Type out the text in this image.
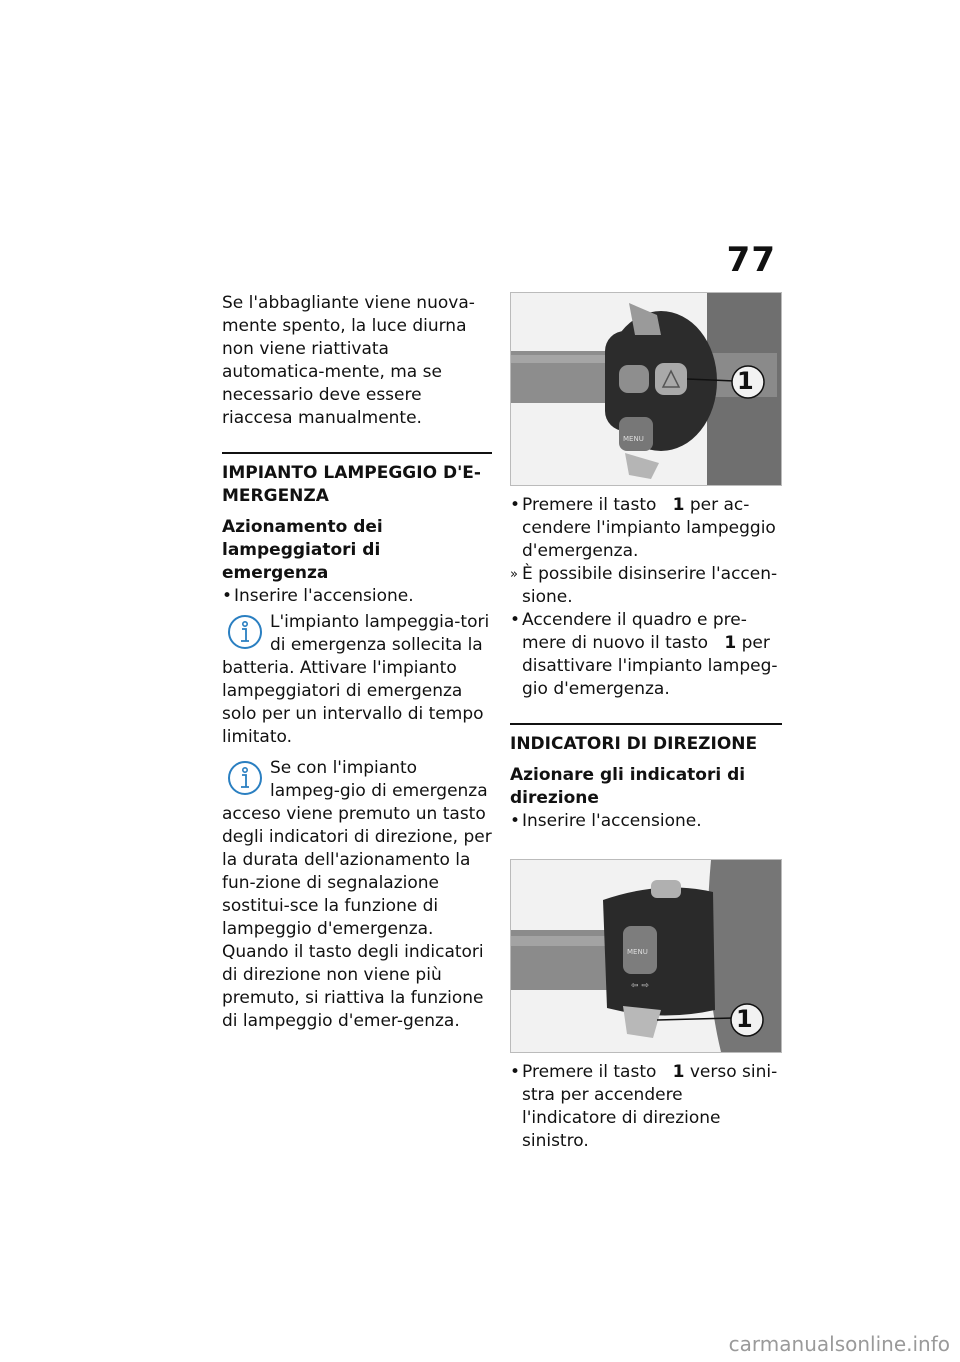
77

Se l'abbagliante viene nuova-mente spento, la luce diurna non viene riattivata automatica-mente, ma se necessario deve essere riaccesa manualmente.

IMPIANTO LAMPEGGIO D'E-MERGENZA
Azionamento dei lampeggiatori di emergenza
• Inserire l'accensione.
L'impianto lampeggia-tori di emergenza sollecita la batteria. Attivare l'impianto lampeggiatori di emergenza solo per un intervallo di tempo limitato.
Se con l'impianto lampeg-gio di emergenza acceso viene premuto un tasto degli indicatori di direzione, per la durata dell'azionamento la fun-zione di segnalazione sostitui-sce la funzione di lampeggio d'emergenza. Quando il tasto degli indicatori di direzione non viene più premuto, si riattiva la funzione di lampeggio d'emer-genza.
MENU
1
• Premere il tasto 1 per ac-cendere l'impianto lampeggio d'emergenza.
» È possibile disinserire l'accen-sione.
• Accendere il quadro e pre-mere di nuovo il tasto 1 per disattivare l'impianto lampeg-gio d'emergenza.
INDICATORI DI DIREZIONE
Azionare gli indicatori di direzione
• Inserire l'accensione.
MENU
⇦ ⇨
1
• Premere il tasto 1 verso sini-stra per accendere l'indicatore di direzione sinistro.
carmanualsonline.info
